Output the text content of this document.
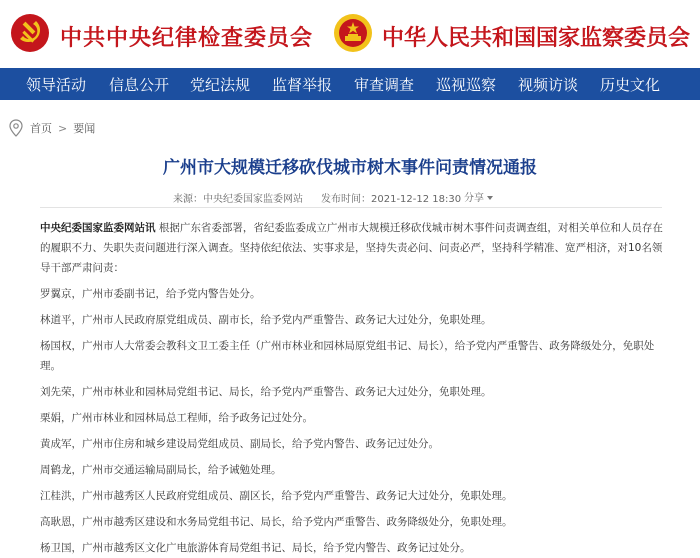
中共中央纪律检查委员会	中华人民共和国国家监察委员会
领导活动 信息公开 党纪法规 监督举报 审查调查 巡视巡察 视频访谈 历史文化
首页 > 要闻
广州市大规模迁移砍伐城市树木事件问责情况通报
来源：中央纪委国家监委网站 发布时间：2021-12-12 18:30 分享

中央纪委国家监委网站讯 根据广东省委部署，省纪委监委成立广州市大规模迁移砍伐城市树木事件问责调查组，对相关单位和人员存在的履职不力、失职失责问题进行深入调查。坚持依纪依法、实事求是，坚持失责必问、问责必严，坚持科学精准、宽严相济，对10名领导干部严肃问责：

罗翼京，广州市委副书记，给予党内警告处分。

林道平，广州市人民政府原党组成员、副市长，给予党内严重警告、政务记大过处分，免职处理。

杨国权，广州市人大常委会教科文卫工委主任（广州市林业和园林局原党组书记、局长），给予党内严重警告、政务降级处分，免职处理。

刘先荣，广州市林业和园林局党组书记、局长，给予党内严重警告、政务记大过处分，免职处理。

栗娟，广州市林业和园林局总工程师，给予政务记过处分。

黄成军，广州市住房和城乡建设局党组成员、副局长，给予党内警告、政务记过处分。

周鹤龙，广州市交通运输局副局长，给予诫勉处理。

江桂洪，广州市越秀区人民政府党组成员、副区长，给予党内严重警告、政务记大过处分，免职处理。

高耿恩，广州市越秀区建设和水务局党组书记、局长，给予党内严重警告、政务降级处分，免职处理。

杨卫国，广州市越秀区文化广电旅游体育局党组书记、局长，给予党内警告、政务记过处分。
